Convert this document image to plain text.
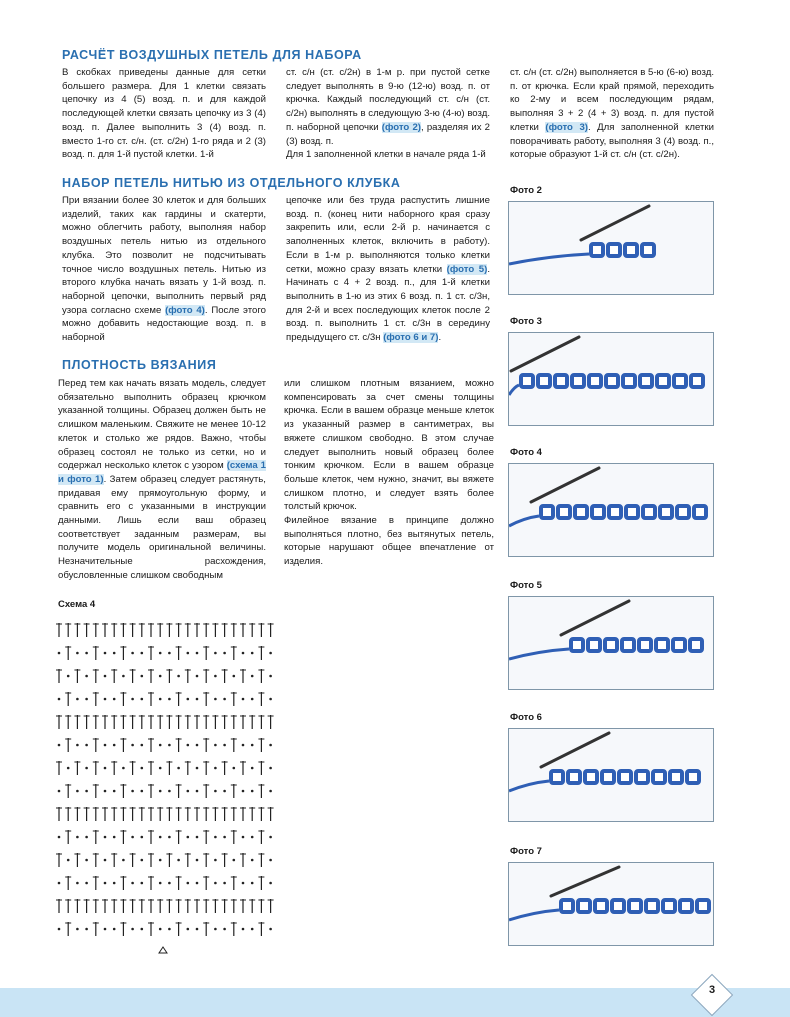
РАСЧЁТ ВОЗДУШНЫХ ПЕТЕЛЬ ДЛЯ НАБОРА

В скобках приведены данные для сетки большего размера. Для 1 клетки связать цепочку из 4 (5) возд. п. и для каждой последующей клетки связать цепочку из 3 (4) возд. п. Далее выполнить 3 (4) возд. п. вместо 1-го ст. с/н. (ст. с/2н) 1-го ряда и 2 (3) возд. п. для 1-й пустой клетки. 1-й

ст. с/н (ст. с/2н) в 1-м р. при пустой сетке следует выполнять в 9-ю (12-ю) возд. п. от крючка. Каждый последующий ст. с/н (ст. с/2н) выполнять в следующую 3-ю (4-ю) возд. п. наборной цепочки (фото 2), разделяя их 2 (3) возд. п.

Для 1 заполненной клетки в начале ряда 1-й

ст. с/н (ст. с/2н) выполняется в 5-ю (6-ю) возд. п. от крючка. Если край прямой, переходить ко 2-му и всем последующим рядам, выполняя 3 + 2 (4 + 3) возд. п. для пустой клетки (фото 3). Для заполненной клетки поворачивать работу, выполняя 3 (4) возд. п., которые образуют 1-й ст. с/н (ст. с/2н).

НАБОР ПЕТЕЛЬ НИТЬЮ ИЗ ОТДЕЛЬНОГО КЛУБКА

При вязании более 30 клеток и для больших изделий, таких как гардины и скатерти, можно облегчить работу, выполняя набор воздушных петель нитью из отдельного клубка. Это позволит не подсчитывать точное число воздушных петель. Нитью из второго клубка начать вязать у 1-й возд. п. наборной цепочки, выполнить первый ряд узора согласно схеме (фото 4). После этого можно добавить недостающие возд. п. в наборной

цепочке или без труда распустить лишние возд. п. (конец нити наборного края сразу закрепить или, если 2-й р. начинается с заполненных клеток, включить в работу). Если в 1-м р. выполняются только клетки сетки, можно сразу вязать клетки (фото 5). Начинать с 4 + 2 возд. п., для 1-й клетки выполнить в 1-ю из этих 6 возд. п. 1 ст. с/3н, для 2-й и всех последующих клеток после 2 возд. п. выполнить 1 ст. с/3н в середину предыдущего ст. с/3н (фото 6 и 7).

ПЛОТНОСТЬ ВЯЗАНИЯ

Перед тем как начать вязать модель, следует обязательно выполнить образец крючком указанной толщины. Образец должен быть не слишком маленьким. Свяжите не менее 10-12 клеток и столько же рядов. Важно, чтобы образец состоял не только из сетки, но и содержал несколько клеток с узором (схема 1 и фото 1). Затем образец следует растянуть, придавая ему прямоугольную форму, и сравнить его с указанными в инструкции данными. Лишь если ваш образец соответствует заданным размерам, вы получите модель оригинальной величины. Незначительные расхождения, обусловленные слишком свободным

или слишком плотным вязанием, можно компенсировать за счет смены толщины крючка. Если в вашем образце меньше клеток из указанный размер в сантиметрах, вы вяжете слишком свободно. В этом случае следует выполнить новый образец более тонким крючком. Если в вашем образце больше клеток, чем нужно, значит, вы вяжете слишком плотно, и следует взять более толстый крючок.

Филейное вязание в принципе должно выполняться плотно, без вытянутых петель, которые нарушают общее впечатление от изделия.

Схема 4
Фото 2
Фото 3
Фото 4
Фото 5
Фото 6
Фото 7
3
